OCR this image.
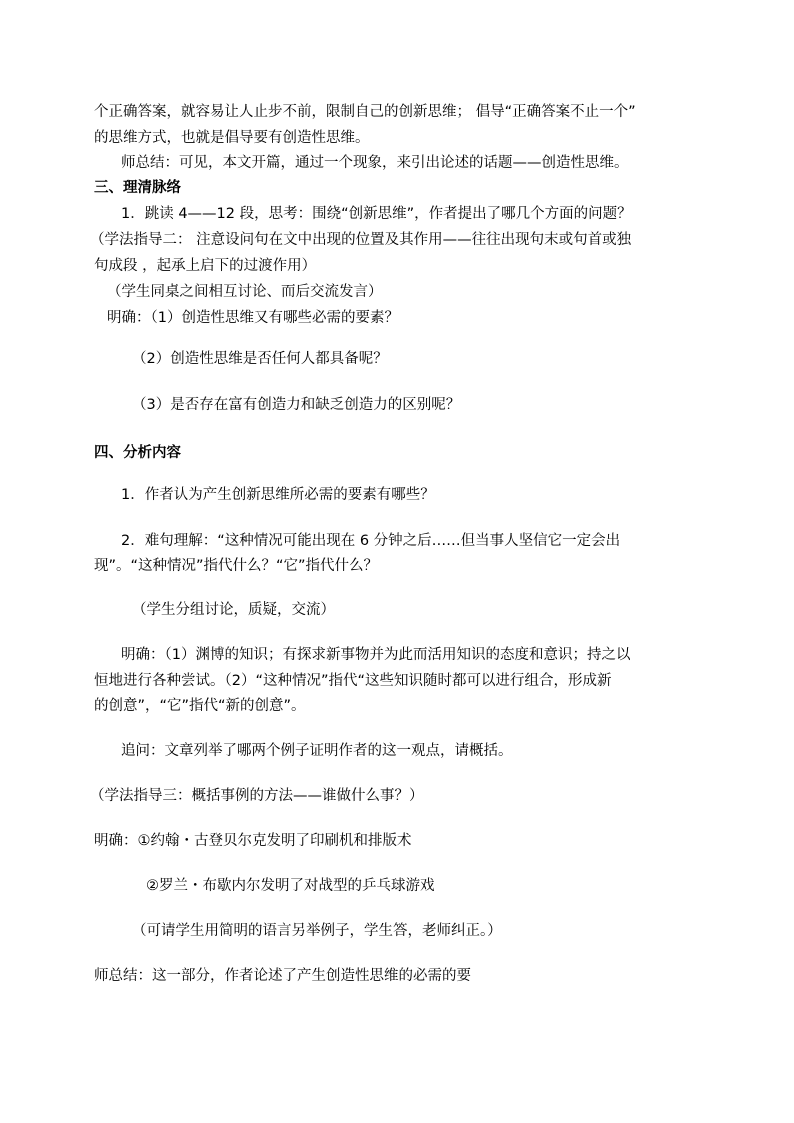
个正确答案，就容易让人止步不前，限制自己的创新思维； 倡导“正确答案不止一个”
的思维方式，也就是倡导要有创造性思维。
师总结：可见，本文开篇，通过一个现象，来引出论述的话题——创造性思维。
三、理清脉络
1．跳读 4——12 段，思考：围绕“创新思维”，作者提出了哪几个方面的问题？
（学法指导二： 注意设问句在文中出现的位置及其作用——往往出现句末或句首或独
句成段 ，起承上启下的过渡作用）
（学生同桌之间相互讨论、而后交流发言）
明确：（1）创造性思维又有哪些必需的要素？
（2）创造性思维是否任何人都具备呢？
（3）是否存在富有创造力和缺乏创造力的区别呢？
四、分析内容
1．作者认为产生创新思维所必需的要素有哪些？
2．难句理解：“这种情况可能出现在 6 分钟之后……但当事人坚信它一定会出
现”。“这种情况”指代什么？“它”指代什么？
（学生分组讨论，质疑，交流）
明确：（1）渊博的知识；有探求新事物并为此而活用知识的态度和意识；持之以
恒地进行各种尝试。（2）“这种情况”指代“这些知识随时都可以进行组合，形成新
的创意”，“它”指代“新的创意”。
追问：文章列举了哪两个例子证明作者的这一观点，请概括。
（学法指导三：概括事例的方法——谁做什么事？）
明确：①约翰・古登贝尔克发明了印刷机和排版术
②罗兰・布歇内尔发明了对战型的乒乓球游戏
（可请学生用简明的语言另举例子，学生答，老师纠正。）
师总结：这一部分，作者论述了产生创造性思维的必需的要
